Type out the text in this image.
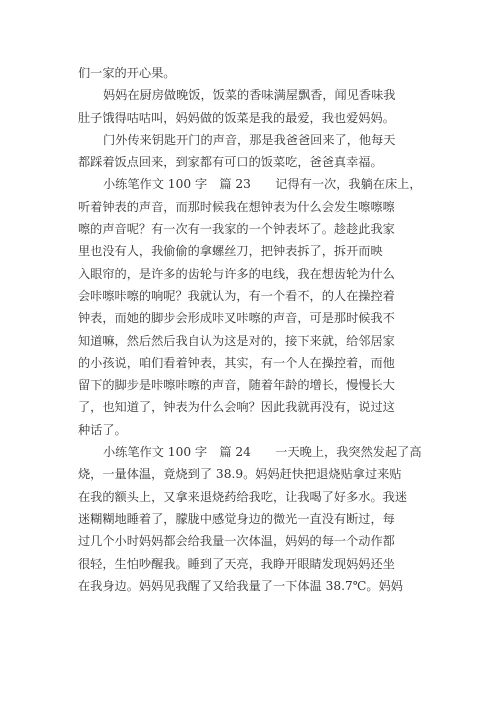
们一家的开心果。
妈妈在厨房做晚饭，饭菜的香味满屋飘香，闻见香味我
肚子饿得咕咕叫，妈妈做的饭菜是我的最爱，我也爱妈妈。
门外传来钥匙开门的声音，那是我爸爸回来了，他每天
都踩着饭点回来，到家都有可口的饭菜吃，爸爸真幸福。
小练笔作文 100 字　篇 23　　记得有一次，我躺在床上，
听着钟表的声音，而那时候我在想钟表为什么会发生嚓嚓嚓
嚓的声音呢？有一次有一我家的一个钟表坏了。趁趁此我家
里也没有人，我偷偷的拿螺丝刀，把钟表拆了，拆开而映
入眼帘的，是许多的齿轮与许多的电线，我在想齿轮为什么
会咔嚓咔嚓的响呢？我就认为，有一个看不，的人在操控着
钟表，而她的脚步会形成咔叉咔嚓的声音，可是那时候我不
知道嘛，然后然后我自认为这是对的，接下来就，给邻居家
的小孩说，咱们看着钟表，其实，有一个人在操控着，而他
留下的脚步是咔嚓咔嚓的声音，随着年龄的增长，慢慢长大
了，也知道了，钟表为什么会响？因此我就再没有，说过这
种话了。
小练笔作文 100 字　篇 24　　一天晚上，我突然发起了高
烧，一量体温，竟烧到了 38.9。妈妈赶快把退烧贴拿过来贴
在我的额头上，又拿来退烧药给我吃，让我喝了好多水。我迷
迷糊糊地睡着了，朦胧中感觉身边的微光一直没有断过，每
过几个小时妈妈都会给我量一次体温，妈妈的每一个动作都
很轻，生怕吵醒我。睡到了天亮，我睁开眼睛发现妈妈还坐
在我身边。妈妈见我醒了又给我量了一下体温 38.7℃。妈妈
